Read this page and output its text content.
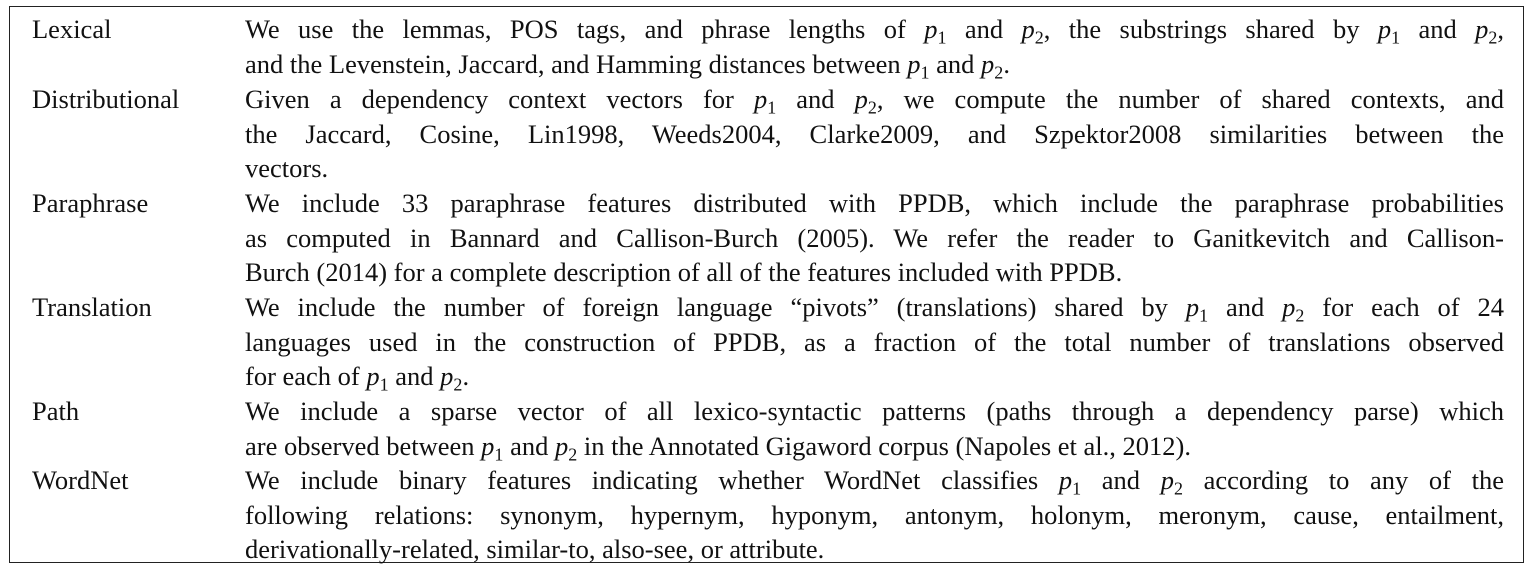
Lexical	We use the lemmas, POS tags, and phrase lengths of $p_1$ and $p_2$, the substrings shared by $p_1$ and $p_2$,
and the Levenstein, Jaccard, and Hamming distances between $p_1$ and $p_2$.
Distributional Given a dependency context vectors for $p_1$ and $p_2$, we compute the number of shared contexts, and
the Jaccard, Cosine, Lin1998, Weeds2004, Clarke2009, and Szpektor2008 similarities between the
vectors.
Paraphrase	We include 33 paraphrase features distributed with PPDB, which include the paraphrase probabilities
as computed in Bannard and Callison-Burch (2005). We refer the reader to Ganitkevitch and Callison-
Burch (2014) for a complete description of all of the features included with PPDB.
Translation	We include the number of foreign language “pivots” (translations) shared by $p_1$ and $p_2$ for each of 24
languages used in the construction of PPDB, as a fraction of the total number of translations observed
for each of $p_1$ and $p_2$.
Path	We include a sparse vector of all lexico-syntactic patterns (paths through a dependency parse) which
are observed between $p_1$ and $p_2$ in the Annotated Gigaword corpus (Napoles et al., 2012).
WordNet	We include binary features indicating whether WordNet classifies $p_1$ and $p_2$ according to any of the
following relations: synonym, hypernym, hyponym, antonym, holonym, meronym, cause, entailment,
derivationally-related, similar-to, also-see, or attribute.
